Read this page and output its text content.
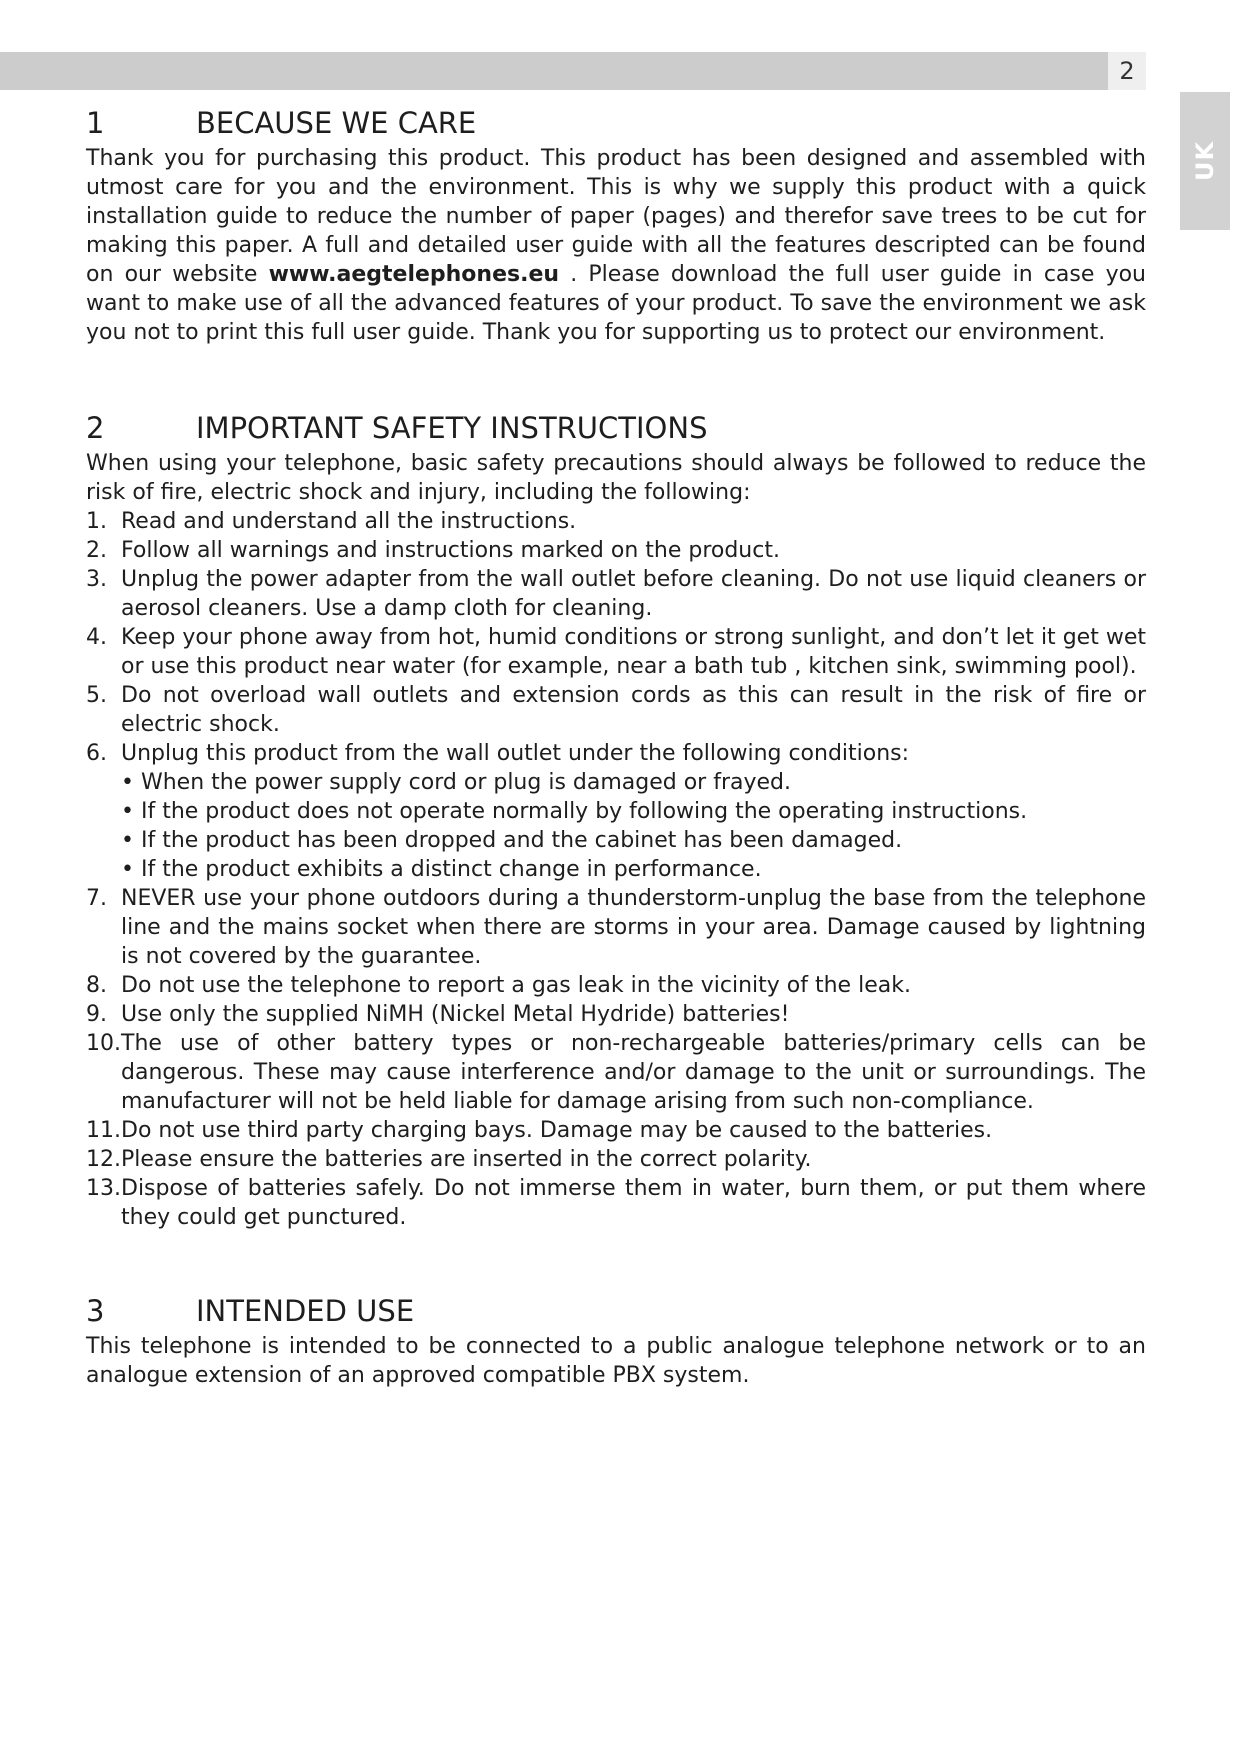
2
UK
1	BECAUSE WE CARE

Thank you for purchasing this product. This product has been designed and assembled with utmost care for you and the environment. This is why we supply this product with a quick installation guide to reduce the number of paper (pages) and therefor save trees to be cut for making this paper. A full and detailed user guide with all the features descripted can be found on our website www.aegtelephones.eu . Please download the full user guide in case you want to make use of all the advanced features of your product. To save the environment we ask you not to print this full user guide. Thank you for supporting us to protect our environment.

2	IMPORTANT SAFETY INSTRUCTIONS

When using your telephone, basic safety precautions should always be followed to reduce the risk of fire, electric shock and injury, including the following:

1. Read and understand all the instructions.
2. Follow all warnings and instructions marked on the product.
3. Unplug the power adapter from the wall outlet before cleaning. Do not use liquid cleaners or aerosol cleaners. Use a damp cloth for cleaning.
4. Keep your phone away from hot, humid conditions or strong sunlight, and don’t let it get wet or use this product near water (for example, near a bath tub , kitchen sink, swimming pool).
5. Do not overload wall outlets and extension cords as this can result in the risk of fire or electric shock.
6. Unplug this product from the wall outlet under the following conditions:
• When the power supply cord or plug is damaged or frayed.
• If the product does not operate normally by following the operating instructions.
• If the product has been dropped and the cabinet has been damaged.
• If the product exhibits a distinct change in performance.
7. NEVER use your phone outdoors during a thunderstorm-unplug the base from the telephone line and the mains socket when there are storms in your area. Damage caused by lightning is not covered by the guarantee.
8. Do not use the telephone to report a gas leak in the vicinity of the leak.
9. Use only the supplied NiMH (Nickel Metal Hydride) batteries!
10. The use of other battery types or non-rechargeable batteries/primary cells can be dangerous. These may cause interference and/or damage to the unit or surroundings. The manufacturer will not be held liable for damage arising from such non-compliance.
11. Do not use third party charging bays. Damage may be caused to the batteries.
12. Please ensure the batteries are inserted in the correct polarity.
13. Dispose of batteries safely. Do not immerse them in water, burn them, or put them where they could get punctured.
3	INTENDED USE

This telephone is intended to be connected to a public analogue telephone network or to an analogue extension of an approved compatible PBX system.
